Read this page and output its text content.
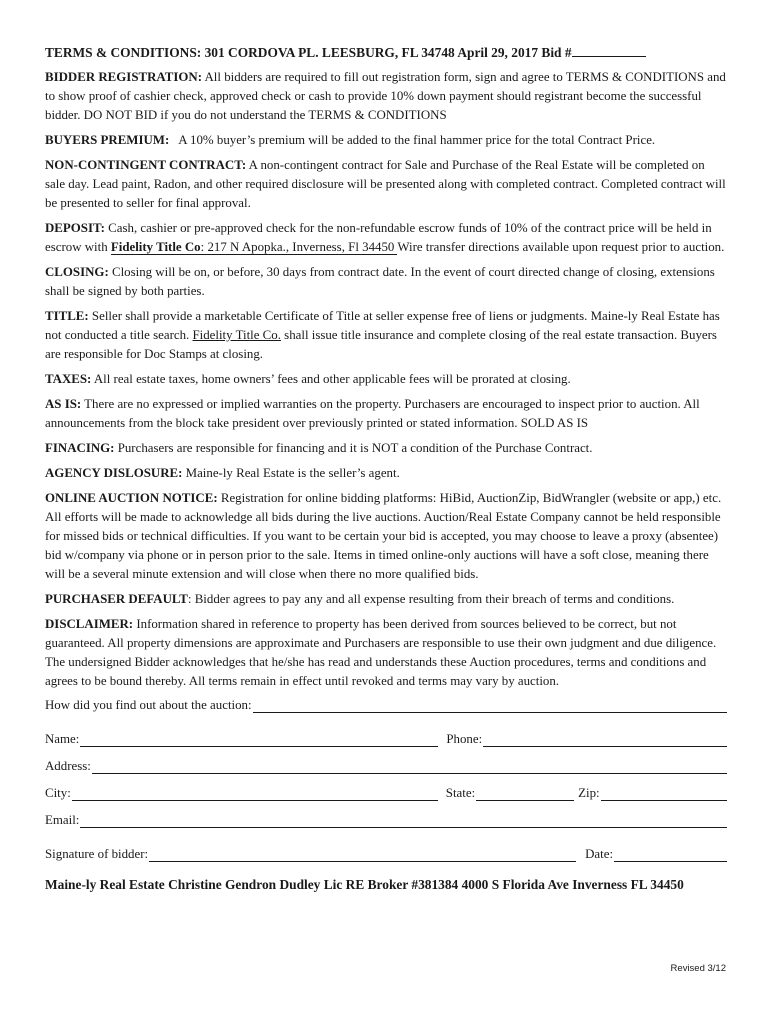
TERMS & CONDITIONS: 301 CORDOVA PL. LEESBURG, FL 34748 April 29, 2017 Bid #

BIDDER REGISTRATION: All bidders are required to fill out registration form, sign and agree to TERMS & CONDITIONS and to show proof of cashier check, approved check or cash to provide 10% down payment should registrant become the successful bidder. DO NOT BID if you do not understand the TERMS & CONDITIONS

BUYERS PREMIUM:   A 10% buyer’s premium will be added to the final hammer price for the total Contract Price.

NON-CONTINGENT CONTRACT: A non-contingent contract for Sale and Purchase of the Real Estate will be completed on sale day. Lead paint, Radon, and other required disclosure will be presented along with completed contract. Completed contract will be presented to seller for final approval.

DEPOSIT: Cash, cashier or pre-approved check for the non-refundable escrow funds of 10% of the contract price will be held in escrow with Fidelity Title Co: 217 N Apopka., Inverness, Fl 34450 Wire transfer directions available upon request prior to auction.

CLOSING: Closing will be on, or before, 30 days from contract date. In the event of court directed change of closing, extensions shall be signed by both parties.

TITLE: Seller shall provide a marketable Certificate of Title at seller expense free of liens or judgments. Maine-ly Real Estate has not conducted a title search. Fidelity Title Co. shall issue title insurance and complete closing of the real estate transaction. Buyers are responsible for Doc Stamps at closing.

TAXES: All real estate taxes, home owners’ fees and other applicable fees will be prorated at closing.

AS IS: There are no expressed or implied warranties on the property. Purchasers are encouraged to inspect prior to auction. All announcements from the block take president over previously printed or stated information. SOLD AS IS

FINACING: Purchasers are responsible for financing and it is NOT a condition of the Purchase Contract.

AGENCY DISLOSURE: Maine-ly Real Estate is the seller’s agent.

ONLINE AUCTION NOTICE: Registration for online bidding platforms: HiBid, AuctionZip, BidWrangler (website or app,) etc. All efforts will be made to acknowledge all bids during the live auctions. Auction/Real Estate Company cannot be held responsible for missed bids or technical difficulties. If you want to be certain your bid is accepted, you may choose to leave a proxy (absentee) bid w/company via phone or in person prior to the sale. Items in timed online-only auctions will have a soft close, meaning there will be a several minute extension and will close when there no more qualified bids.

PURCHASER DEFAULT: Bidder agrees to pay any and all expense resulting from their breach of terms and conditions.

DISCLAIMER: Information shared in reference to property has been derived from sources believed to be correct, but not guaranteed. All property dimensions are approximate and Purchasers are responsible to use their own judgment and due diligence. The undersigned Bidder acknowledges that he/she has read and understands these Auction procedures, terms and conditions and agrees to be bound thereby. All terms remain in effect until revoked and terms may vary by auction.

How did you find out about the auction:
Name:	Phone:
Address:
City:	State:	Zip:
Email:
Signature of bidder:	Date:
Maine-ly Real Estate Christine Gendron Dudley Lic RE Broker #381384 4000 S Florida Ave Inverness FL 34450
Revised 3/12
